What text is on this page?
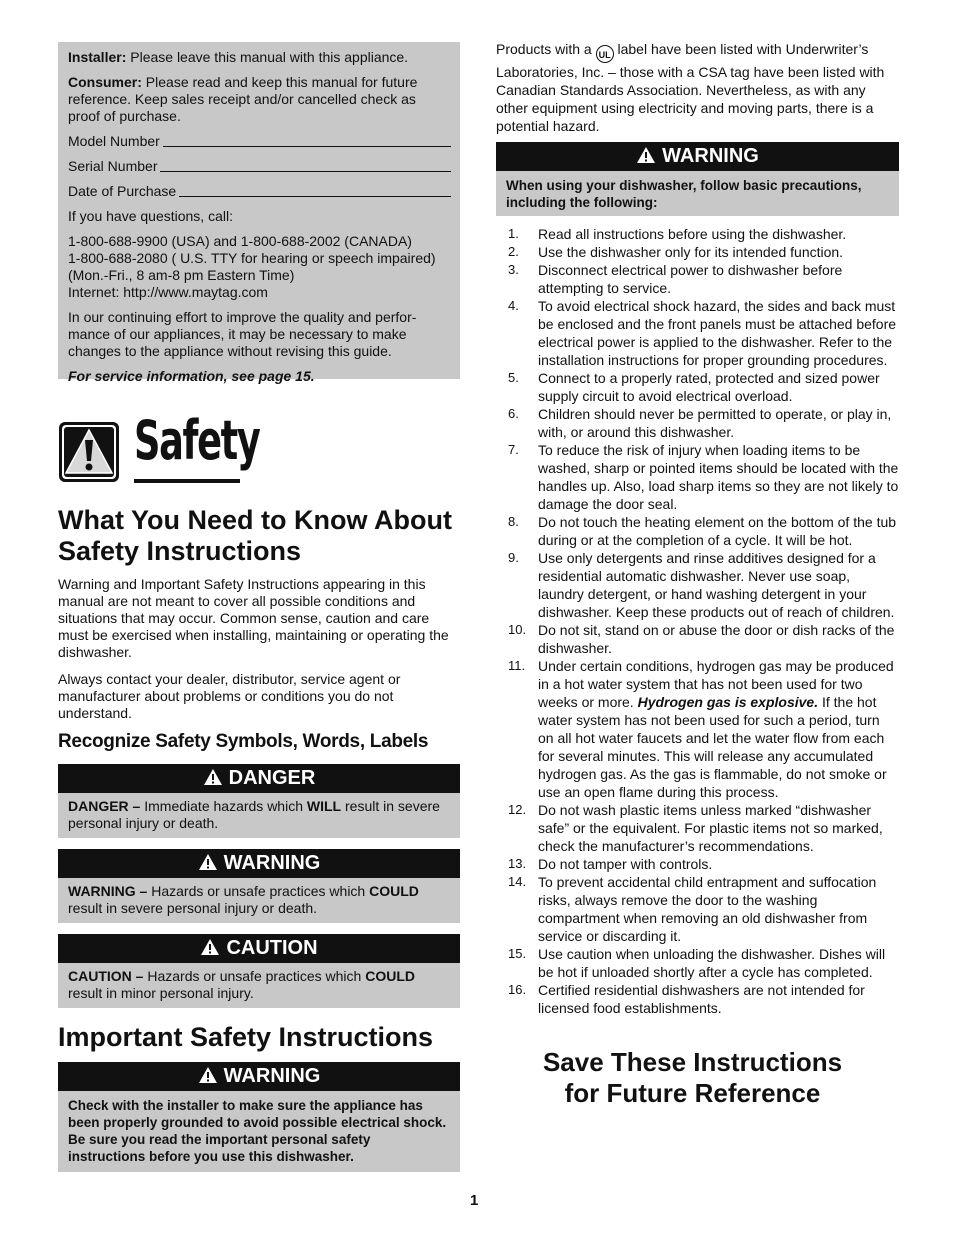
Installer: Please leave this manual with this appliance.

Consumer: Please read and keep this manual for future reference. Keep sales receipt and/or cancelled check as proof of purchase.

Model Number
Serial Number
Date of Purchase

If you have questions, call:

1-800-688-9900 (USA) and 1-800-688-2002 (CANADA)
1-800-688-2080 ( U.S. TTY for hearing or speech impaired) (Mon.-Fri., 8 am-8 pm Eastern Time)
Internet: http://www.maytag.com

In our continuing effort to improve the quality and perfor-mance of our appliances, it may be necessary to make changes to the appliance without revising this guide.

For service information, see page 15.

Safety
What You Need to Know About Safety Instructions

Warning and Important Safety Instructions appearing in this manual are not meant to cover all possible conditions and situations that may occur. Common sense, caution and care must be exercised when installing, maintaining or operating the dishwasher.

Always contact your dealer, distributor, service agent or manufacturer about problems or conditions you do not understand.

Recognize Safety Symbols, Words, Labels
DANGER
DANGER – Immediate hazards which WILL result in severe personal injury or death.
WARNING
WARNING – Hazards or unsafe practices which COULD result in severe personal injury or death.
CAUTION
CAUTION – Hazards or unsafe practices which COULD result in minor personal injury.
Important Safety Instructions
WARNING
Check with the installer to make sure the appliance has been properly grounded to avoid possible electrical shock. Be sure you read the important personal safety instructions before you use this dishwasher.

Products with a UL label have been listed with Underwriter’s Laboratories, Inc. – those with a CSA tag have been listed with Canadian Standards Association. Nevertheless, as with any other equipment using electricity and moving parts, there is a potential hazard.

WARNING
When using your dishwasher, follow basic precautions, including the following:
1.	Read all instructions before using the dishwasher.
2.	Use the dishwasher only for its intended function.
3.	Disconnect electrical power to dishwasher before attempting to service.
4.	To avoid electrical shock hazard, the sides and back must be enclosed and the front panels must be attached before electrical power is applied to the dishwasher. Refer to the installation instructions for proper grounding procedures.
5.	Connect to a properly rated, protected and sized power supply circuit to avoid electrical overload.
6.	Children should never be permitted to operate, or play in, with, or around this dishwasher.
7.	To reduce the risk of injury when loading items to be washed, sharp or pointed items should be located with the handles up. Also, load sharp items so they are not likely to damage the door seal.
8.	Do not touch the heating element on the bottom of the tub during or at the completion of a cycle. It will be hot.
9.	Use only detergents and rinse additives designed for a residential automatic dishwasher. Never use soap, laundry detergent, or hand washing detergent in your dishwasher. Keep these products out of reach of children.
10. Do not sit, stand on or abuse the door or dish racks of the dishwasher.
11. Under certain conditions, hydrogen gas may be produced in a hot water system that has not been used for two weeks or more. Hydrogen gas is explosive. If the hot water system has not been used for such a period, turn on all hot water faucets and let the water flow from each for several minutes. This will release any accumulated hydrogen gas. As the gas is flammable, do not smoke or use an open flame during this process.
12. Do not wash plastic items unless marked “dishwasher safe” or the equivalent. For plastic items not so marked, check the manufacturer’s recommendations.
13. Do not tamper with controls.
14. To prevent accidental child entrapment and suffocation risks, always remove the door to the washing compartment when removing an old dishwasher from service or discarding it.
15. Use caution when unloading the dishwasher. Dishes will be hot if unloaded shortly after a cycle has completed.
16. Certified residential dishwashers are not intended for licensed food establishments.
Save These Instructions
for Future Reference
1
